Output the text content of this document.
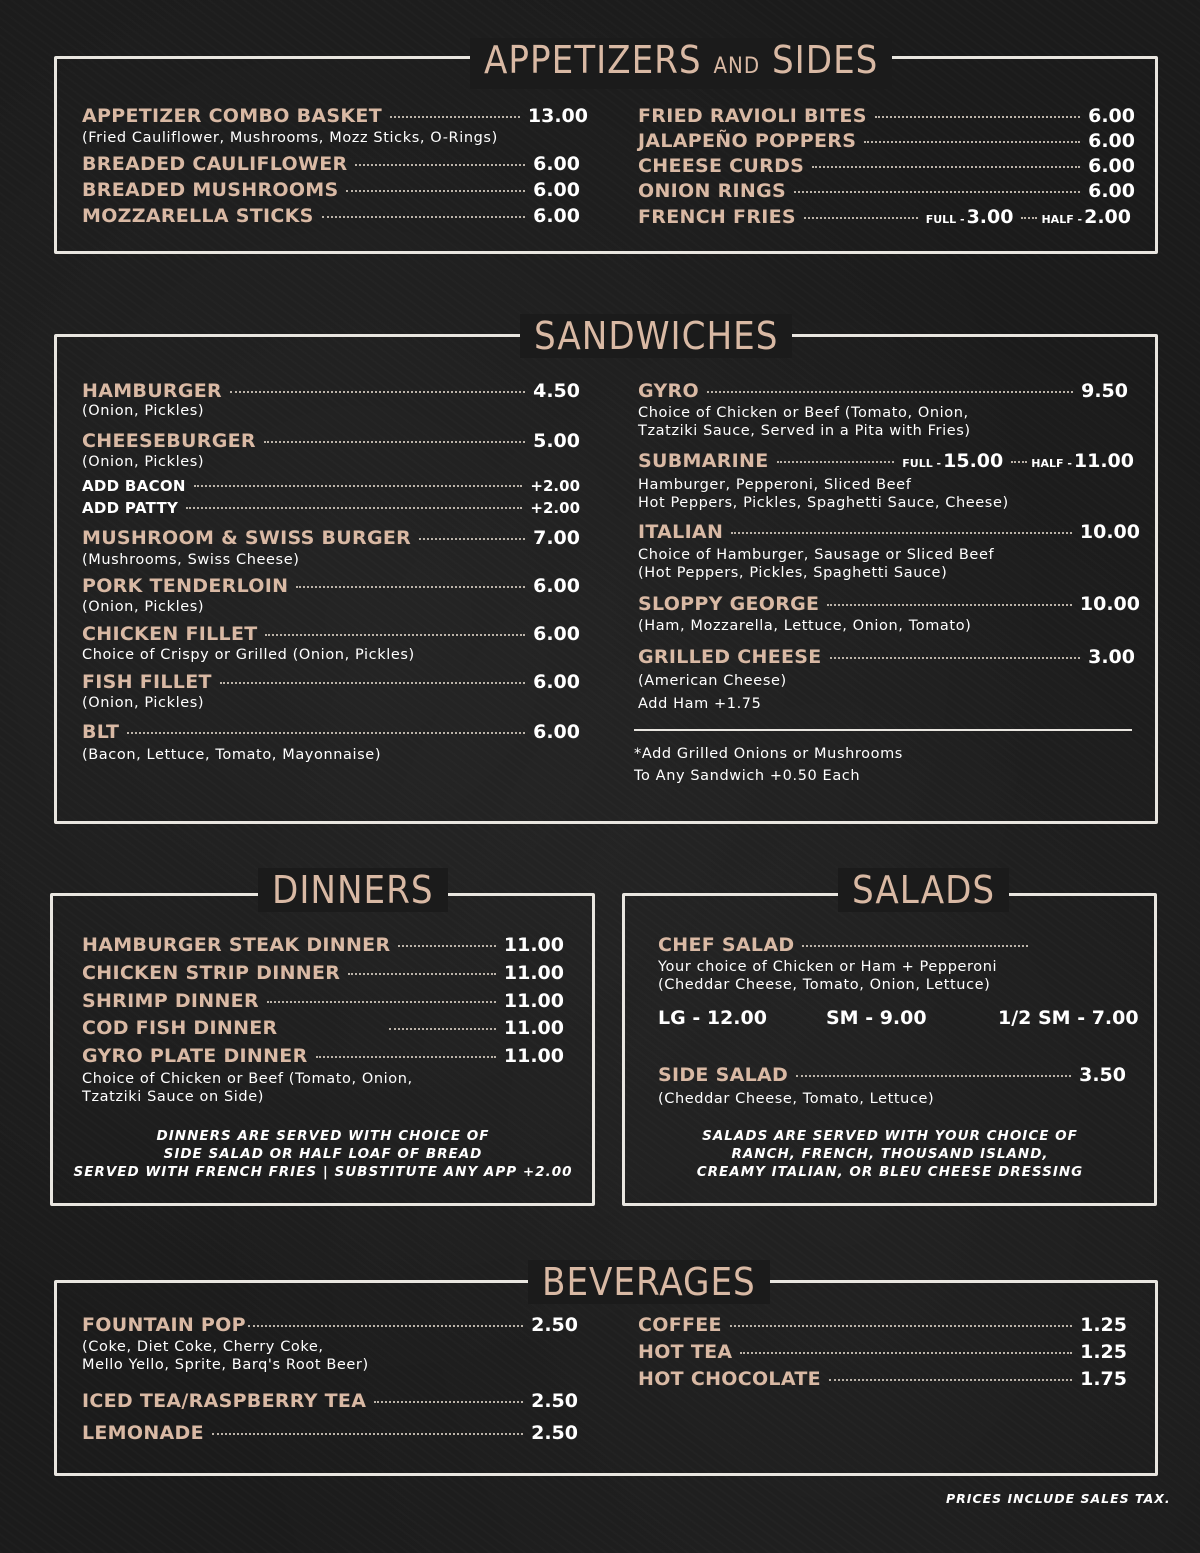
APPETIZERS AND SIDES
APPETIZER COMBO BASKET	13.00
(Fried Cauliflower, Mushrooms, Mozz Sticks, O-Rings)
BREADED CAULIFLOWER	6.00
BREADED MUSHROOMS	6.00
MOZZARELLA STICKS	6.00
FRIED RAVIOLI BITES	6.00
JALAPEÑO POPPERS	6.00
CHEESE CURDS	6.00
ONION RINGS	6.00
FRENCH FRIES	FULL - 3.00	HALF - 2.00
SANDWICHES
HAMBURGER	4.50
(Onion, Pickles)
CHEESEBURGER	5.00
(Onion, Pickles)
ADD BACON	+2.00
ADD PATTY	+2.00
MUSHROOM & SWISS BURGER	7.00
(Mushrooms, Swiss Cheese)
PORK TENDERLOIN	6.00
(Onion, Pickles)
CHICKEN FILLET	6.00
Choice of Crispy or Grilled (Onion, Pickles)
FISH FILLET	6.00
(Onion, Pickles)
BLT	6.00
(Bacon, Lettuce, Tomato, Mayonnaise)
GYRO	9.50
Choice of Chicken or Beef (Tomato, Onion,
Tzatziki Sauce, Served in a Pita with Fries)
SUBMARINE	FULL - 15.00	HALF - 11.00
Hamburger, Pepperoni, Sliced Beef
Hot Peppers, Pickles, Spaghetti Sauce, Cheese)
ITALIAN	10.00
Choice of Hamburger, Sausage or Sliced Beef
(Hot Peppers, Pickles, Spaghetti Sauce)
SLOPPY GEORGE	10.00
(Ham, Mozzarella, Lettuce, Onion, Tomato)
GRILLED CHEESE	3.00
(American Cheese)
Add Ham +1.75
*Add Grilled Onions or Mushrooms
To Any Sandwich +0.50 Each
DINNERS
HAMBURGER STEAK DINNER	11.00
CHICKEN STRIP DINNER	11.00
SHRIMP DINNER	11.00
COD FISH DINNER	11.00
GYRO PLATE DINNER	11.00
Choice of Chicken or Beef (Tomato, Onion,
Tzatziki Sauce on Side)
DINNERS ARE SERVED WITH CHOICE OF
SIDE SALAD OR HALF LOAF OF BREAD
SERVED WITH FRENCH FRIES | SUBSTITUTE ANY APP +2.00
SALADS
CHEF SALAD
Your choice of Chicken or Ham + Pepperoni
(Cheddar Cheese, Tomato, Onion, Lettuce)
LG - 12.00	SM - 9.00	1/2 SM - 7.00
SIDE SALAD	3.50
(Cheddar Cheese, Tomato, Lettuce)
SALADS ARE SERVED WITH YOUR CHOICE OF
RANCH, FRENCH, THOUSAND ISLAND,
CREAMY ITALIAN, OR BLEU CHEESE DRESSING
BEVERAGES
FOUNTAIN POP	2.50
(Coke, Diet Coke, Cherry Coke,
Mello Yello, Sprite, Barq's Root Beer)
ICED TEA/RASPBERRY TEA	2.50
LEMONADE	2.50
COFFEE	1.25
HOT TEA	1.25
HOT CHOCOLATE	1.75
PRICES INCLUDE SALES TAX.
